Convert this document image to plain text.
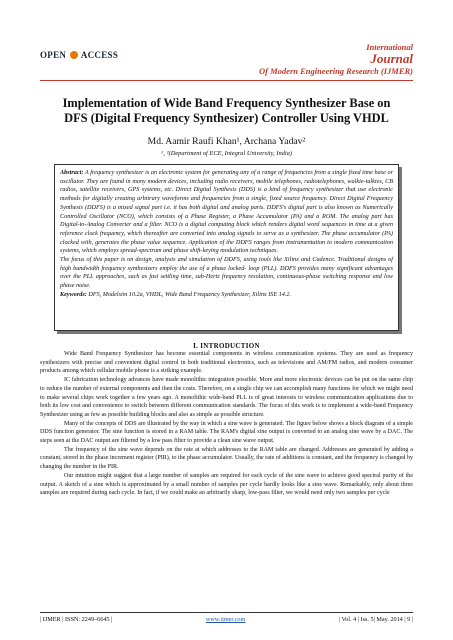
OPEN ACCESS
International
Journal
Of Modern Engineering Research (IJMER)
Implementation of Wide Band Frequency Synthesizer Base on DFS (Digital Frequency Synthesizer) Controller Using VHDL
Md. Aamir Raufi Khan¹, Archana Yadav²
¹‚ ²(Department of ECE, Integral University, India)
Abstract: A frequency synthesizer is an electronic system for generating any of a range of frequencies from a single fixed time base or oscillator. They are found in many modern devices, including radio receivers, mobile telephones, radiotelephones, walkie-talkies, CB radios, satellite receivers, GPS systems, etc. Direct Digital Synthesis (DDS) is a kind of frequency synthesizer that use electronic methods for digitally creating arbitrary waveforms and frequencies from a single, fixed source frequency. Direct Digital Frequency Synthesis (DDFS) is a mixed signal part i.e. it has both digital and analog parts. DDFS's digital part is also known as Numerically Controlled Oscillator (NCO), which consists of a Phase Register, a Phase Accumulator (PA) and a ROM. The analog part has Digital-to-Analog Converter and a filter. NCO is a digital computing block which renders digital word sequences in time at a given reference clock frequency, which thereafter are converted into analog signals to serve as a synthesizer. The phase accumulator (PA) clocked with, generates the phase value sequence. Application of the DDFS ranges from instrumentation to modern communication systems, which employs spread-spectrum and phase shift-keying modulation techniques.
The focus of this paper is on design, analysis and simulation of DDFS, using tools like Xilinx and Cadence. Traditional designs of high bandwidth frequency synthesizers employ the use of a phase locked- loop (PLL). DDFS provides many significant advantages over the PLL approaches, such as fast settling time, sub-Hertz frequency resolution, continuous-phase switching response and low phase noise.
Keywords: DFS, Modelsim 10.2a, VHDL, Wide Band Frequency Synthesizer, Xilinx ISE 14.2.
I. INTRODUCTION

Wide Band Frequency Synthesizer has become essential components in wireless communication systems. They are used as frequency synthesizers with precise and convenient digital control in both traditional electronics, such as televisions and AM/FM radios, and modern consumer products among which cellular mobile phone is a striking example.

IC fabrication technology advances have made monolithic integration possible. More and more electronic devices can be put on the same chip to reduce the number of external components and then the costs. Therefore, on a single chip we can accomplish many functions for which we might need to make several chips work together a few years ago. A monolithic wide-band PLL is of great interests to wireless communication applications due to both its low cost and convenience to switch between different communication standards. The focus of this work is to implement a wide-band Frequency Synthesizer using as few as possible building blocks and also as simple as possible structure.

Many of the concepts of DDS are illustrated by the way in which a sine wave is generated. The figure below shows a block diagram of a simple DDS function generator. The sine function is stored in a RAM table. The RAM's digital sine output is converted to an analog sine wave by a DAC. The steps seen at the DAC output are filtered by a low pass filter to provide a clean sine wave output.

The frequency of the sine wave depends on the rate at which addresses to the RAM table are changed. Addresses are generated by adding a constant, stored in the phase increment register (PIR), to the phase accumulator. Usually, the rate of additions is constant, and the frequency is changed by changing the number in the PIR.

Our intuition might suggest that a large number of samples are required for each cycle of the sine wave to achieve good spectral purity of the output. A sketch of a sine which is approximated by a small number of samples per cycle hardly looks like a sine wave. Remarkably, only about three samples are required during each cycle. In fact, if we could make an arbitrarily sharp, low-pass filter, we would need only two samples per cycle

| IJMER | ISSN: 2249–6645 |	www.ijmer.com	| Vol. 4 | Iss. 5| May. 2014 | 9 |
